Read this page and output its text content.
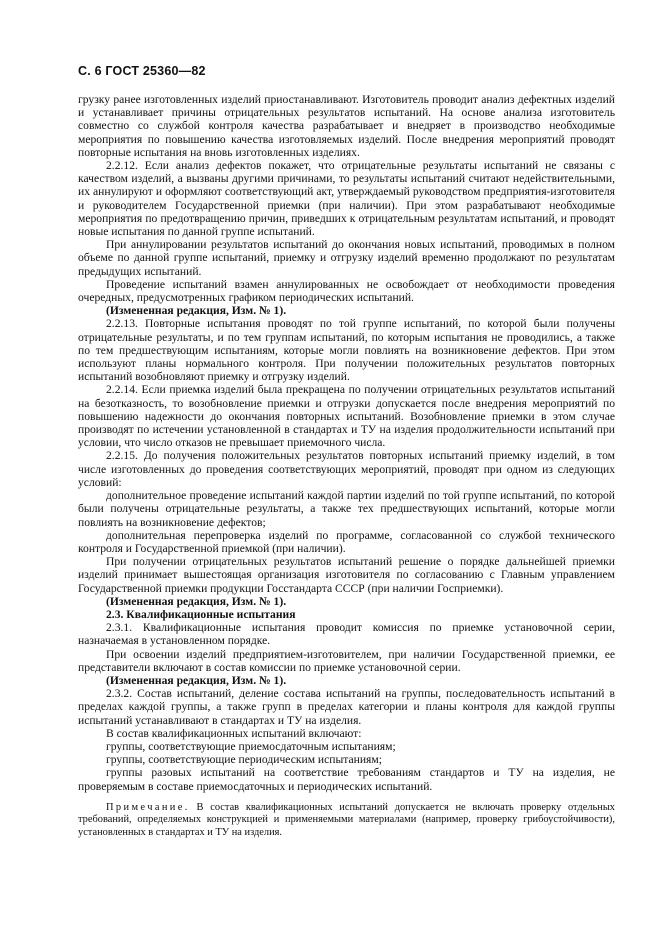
С. 6 ГОСТ 25360—82

грузку ранее изготовленных изделий приостанавливают. Изготовитель проводит анализ дефектных изделий и устанавливает причины отрицательных результатов испытаний. На основе анализа изготовитель совместно со службой контроля качества разрабатывает и внедряет в производство необходимые мероприятия по повышению качества изготовляемых изделий. После внедрения мероприятий проводят повторные испытания на вновь изготовленных изделиях.

2.2.12. Если анализ дефектов покажет, что отрицательные результаты испытаний не связаны с качеством изделий, а вызваны другими причинами, то результаты испытаний считают недействительными, их аннулируют и оформляют соответствующий акт, утверждаемый руководством предприятия-изготовителя и руководителем Государственной приемки (при наличии). При этом разрабатывают необходимые мероприятия по предотвращению причин, приведших к отрицательным результатам испытаний, и проводят новые испытания по данной группе испытаний.

При аннулировании результатов испытаний до окончания новых испытаний, проводимых в полном объеме по данной группе испытаний, приемку и отгрузку изделий временно продолжают по результатам предыдущих испытаний.

Проведение испытаний взамен аннулированных не освобождает от необходимости проведения очередных, предусмотренных графиком периодических испытаний.

(Измененная редакция, Изм. № 1).

2.2.13. Повторные испытания проводят по той группе испытаний, по которой были получены отрицательные результаты, и по тем группам испытаний, по которым испытания не проводились, а также по тем предшествующим испытаниям, которые могли повлиять на возникновение дефектов. При этом используют планы нормального контроля. При получении положительных результатов повторных испытаний возобновляют приемку и отгрузку изделий.

2.2.14. Если приемка изделий была прекращена по получении отрицательных результатов испытаний на безотказность, то возобновление приемки и отгрузки допускается после внедрения мероприятий по повышению надежности до окончания повторных испытаний. Возобновление приемки в этом случае производят по истечении установленной в стандартах и ТУ на изделия продолжительности испытаний при условии, что число отказов не превышает приемочного числа.

2.2.15. До получения положительных результатов повторных испытаний приемку изделий, в том числе изготовленных до проведения соответствующих мероприятий, проводят при одном из следующих условий:

дополнительное проведение испытаний каждой партии изделий по той группе испытаний, по которой были получены отрицательные результаты, а также тех предшествующих испытаний, которые могли повлиять на возникновение дефектов;

дополнительная перепроверка изделий по программе, согласованной со службой технического контроля и Государственной приемкой (при наличии).

При получении отрицательных результатов испытаний решение о порядке дальнейшей приемки изделий принимает вышестоящая организация изготовителя по согласованию с Главным управлением Государственной приемки продукции Госстандарта СССР (при наличии Госприемки).

(Измененная редакция, Изм. № 1).

2.3. Квалификационные испытания

2.3.1. Квалификационные испытания проводит комиссия по приемке установочной серии, назначаемая в установленном порядке.

При освоении изделий предприятием-изготовителем, при наличии Государственной приемки, ее представители включают в состав комиссии по приемке установочной серии.

(Измененная редакция, Изм. № 1).

2.3.2. Состав испытаний, деление состава испытаний на группы, последовательность испытаний в пределах каждой группы, а также групп в пределах категории и планы контроля для каждой группы испытаний устанавливают в стандартах и ТУ на изделия.

В состав квалификационных испытаний включают:

группы, соответствующие приемосдаточным испытаниям;

группы, соответствующие периодическим испытаниям;

группы разовых испытаний на соответствие требованиям стандартов и ТУ на изделия, не проверяемым в составе приемосдаточных и периодических испытаний.

Примечание. В состав квалификационных испытаний допускается не включать проверку отдельных требований, определяемых конструкцией и применяемыми материалами (например, проверку грибоустойчивости), установленных в стандартах и ТУ на изделия.
